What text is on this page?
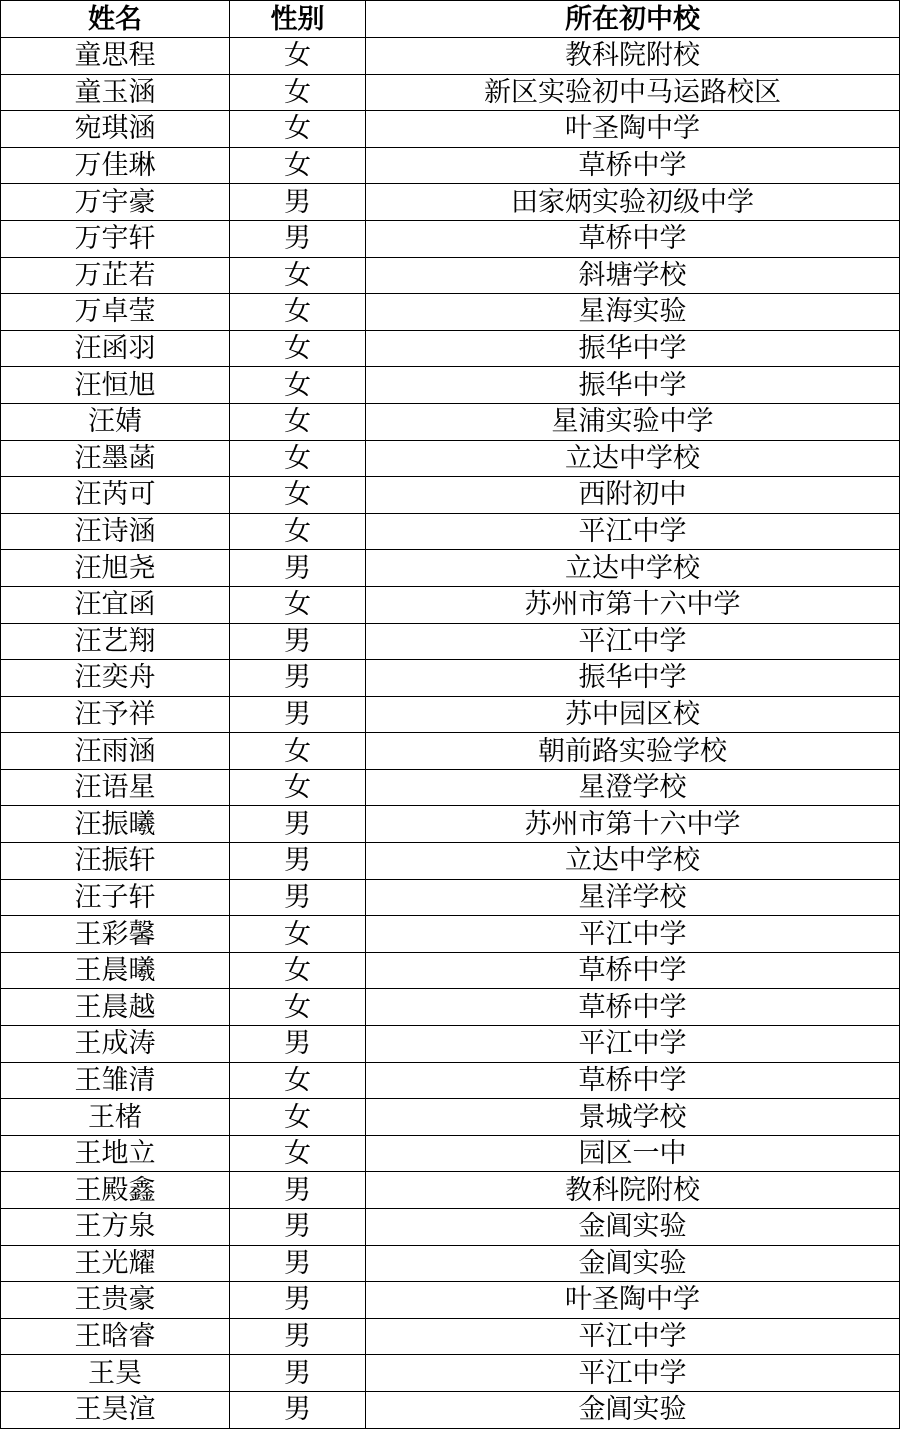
姓名	性别	所在初中校
童思程	女	教科院附校
童玉涵	女	新区实验初中马运路校区
宛琪涵	女	叶圣陶中学
万佳琳	女	草桥中学
万宇豪	男	田家炳实验初级中学
万宇轩	男	草桥中学
万芷若	女	斜塘学校
万卓莹	女	星海实验
汪函羽	女	振华中学
汪恒旭	女	振华中学
汪婧	女	星浦实验中学
汪墨菡	女	立达中学校
汪芮可	女	西附初中
汪诗涵	女	平江中学
汪旭尧	男	立达中学校
汪宜函	女	苏州市第十六中学
汪艺翔	男	平江中学
汪奕舟	男	振华中学
汪予祥	男	苏中园区校
汪雨涵	女	朝前路实验学校
汪语星	女	星澄学校
汪振曦	男	苏州市第十六中学
汪振轩	男	立达中学校
汪子轩	男	星洋学校
王彩馨	女	平江中学
王晨曦	女	草桥中学
王晨越	女	草桥中学
王成涛	男	平江中学
王雏清	女	草桥中学
王楮	女	景城学校
王地立	女	园区一中
王殿鑫	男	教科院附校
王方泉	男	金阊实验
王光耀	男	金阊实验
王贵豪	男	叶圣陶中学
王晗睿	男	平江中学
王昊	男	平江中学
王昊渲	男	金阊实验
